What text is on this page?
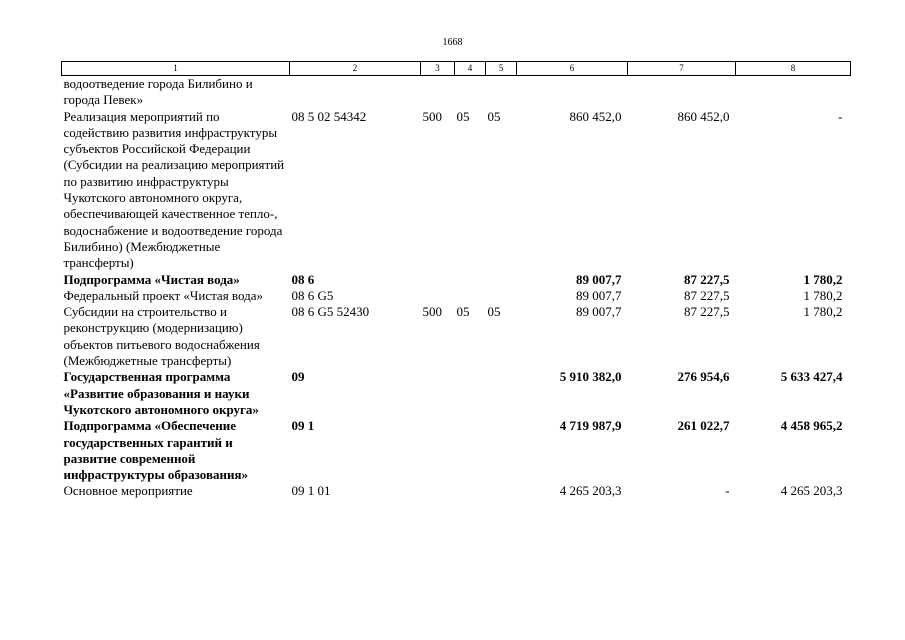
1668
1	2	3	4	5	6	7	8
водоотведение города Билибино и города Певек»							
Реализация мероприятий по содействию развития инфраструктуры субъектов Российской Федерации (Субсидии на реализацию мероприятий по развитию инфраструктуры Чукотского автономного округа, обеспечивающей качественное тепло-, водоснабжение и водоотведение города Билибино) (Межбюджетные трансферты)	08 5 02 54342	500	05	05	860 452,0	860 452,0	-
Подпрограмма «Чистая вода»	08 6				89 007,7	87 227,5	1 780,2
Федеральный проект «Чистая вода»	08 6 G5				89 007,7	87 227,5	1 780,2
Субсидии на строительство и реконструкцию (модернизацию) объектов питьевого водоснабжения (Межбюджетные трансферты)	08 6 G5 52430	500	05	05	89 007,7	87 227,5	1 780,2
Государственная программа «Развитие образования и науки Чукотского автономного округа»	09				5 910 382,0	276 954,6	5 633 427,4
Подпрограмма «Обеспечение государственных гарантий и развитие современной инфраструктуры образования»	09 1				4 719 987,9	261 022,7	4 458 965,2
Основное мероприятие	09 1 01				4 265 203,3	-	4 265 203,3
